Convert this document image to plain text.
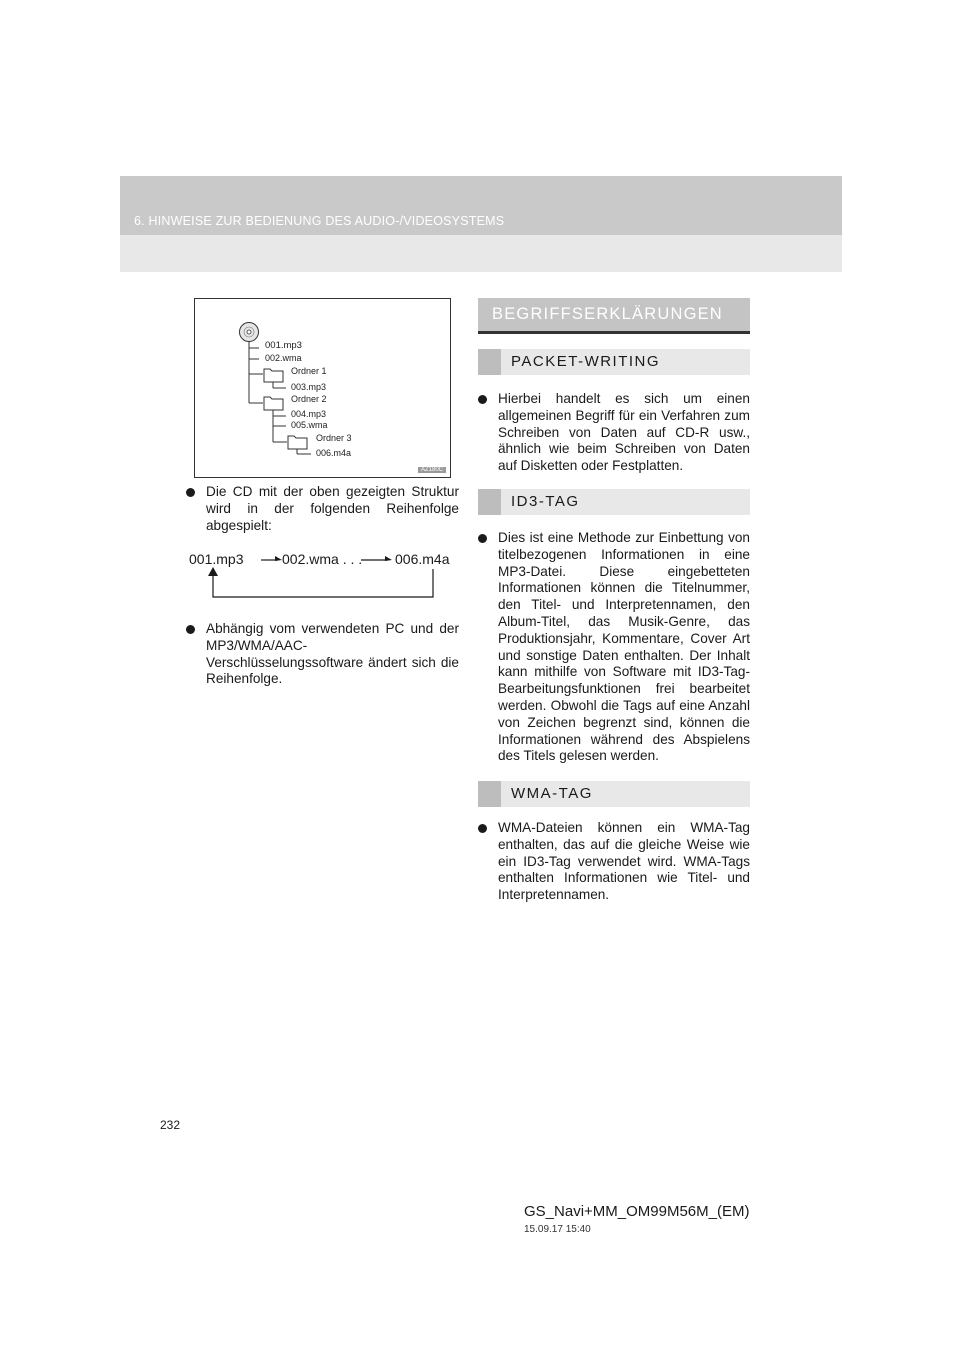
6. HINWEISE ZUR BEDIENUNG DES AUDIO-/VIDEOSYSTEMS
001.mp3
002.wma
Ordner 1
003.mp3
Ordner 2
004.mp3
005.wma
Ordner 3
006.m4a
AZ180C
Die CD mit der oben gezeigten Struktur wird in der folgenden Reihenfolge abgespielt:
001.mp3	002.wma . . . 006.m4a
Abhängig vom verwendeten PC und der
MP3/WMA/AAC-
Verschlüsselungssoftware ändert sich die
Reihenfolge.
BEGRIFFSERKLÄRUNGEN
PACKET-WRITING
Hierbei handelt es sich um einen allgemeinen Begriff für ein Verfahren zum Schreiben von Daten auf CD-R usw., ähnlich wie beim Schreiben von Daten auf Disketten oder Festplatten.
ID3-TAG
Dies ist eine Methode zur Einbettung von titelbezogenen Informationen in eine MP3-Datei. Diese eingebetteten Informationen können die Titelnummer, den Titel- und Interpretennamen, den Album-Titel, das Musik-Genre, das Produktionsjahr, Kommentare, Cover Art und sonstige Daten enthalten. Der Inhalt kann mithilfe von Software mit ID3-Tag-Bearbeitungsfunktionen frei bearbeitet werden. Obwohl die Tags auf eine Anzahl von Zeichen begrenzt sind, können die Informationen während des Abspielens des Titels gelesen werden.
WMA-TAG
WMA-Dateien können ein WMA-Tag enthalten, das auf die gleiche Weise wie ein ID3-Tag verwendet wird. WMA-Tags enthalten Informationen wie Titel- und Interpretennamen.
232
GS_Navi+MM_OM99M56M_(EM)
15.09.17 15:40
